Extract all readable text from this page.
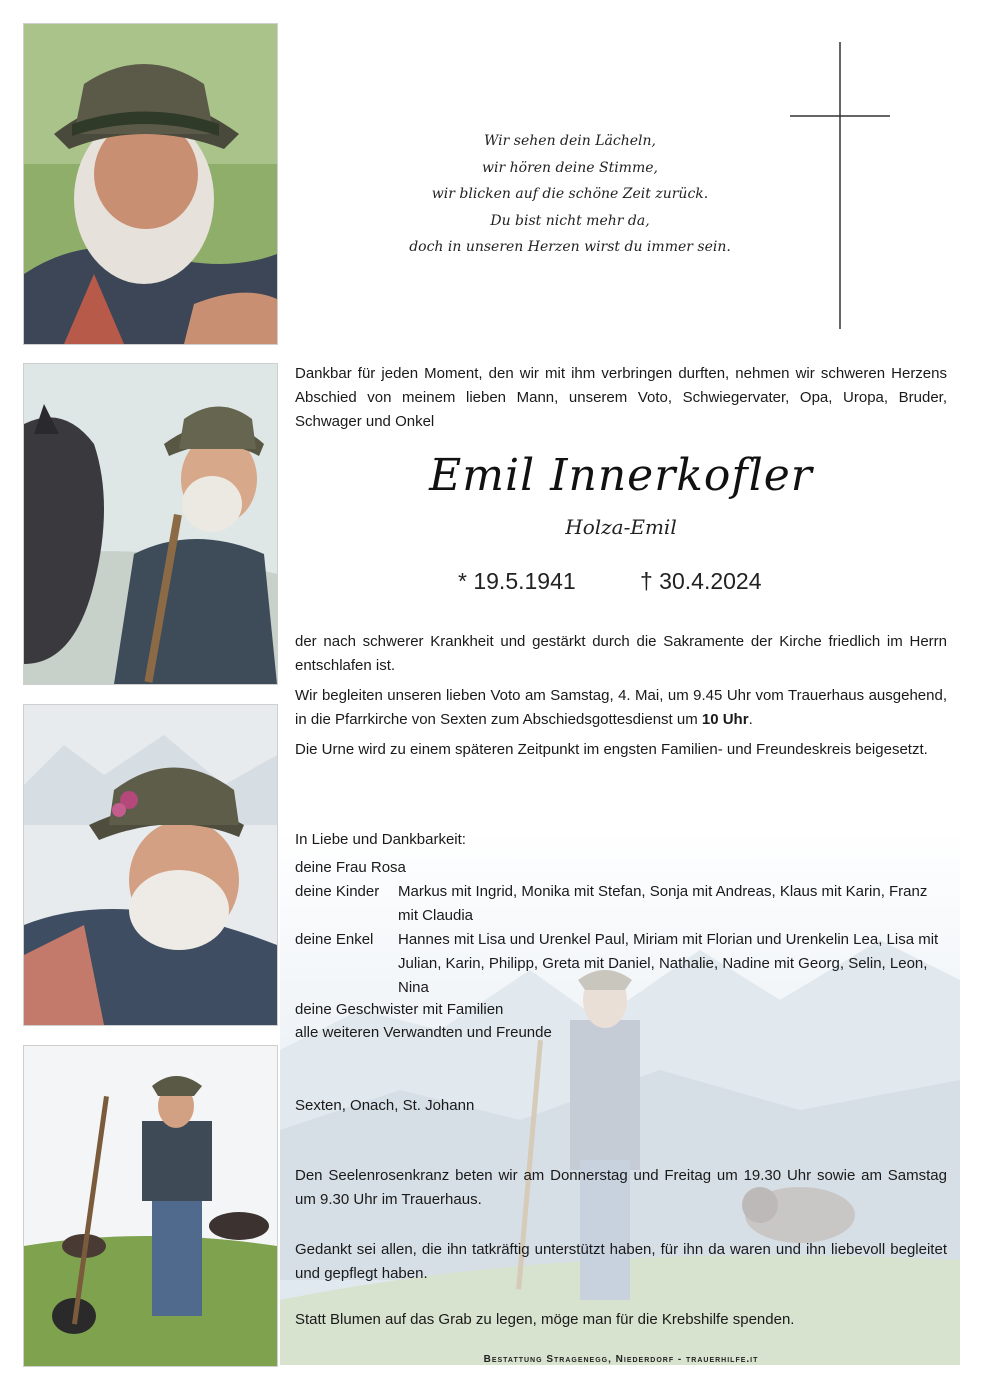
Wir sehen dein Lächeln,
wir hören deine Stimme,
wir blicken auf die schöne Zeit zurück.
Du bist nicht mehr da,
doch in unseren Herzen wirst du immer sein.
Dankbar für jeden Moment, den wir mit ihm verbringen durften, nehmen wir schweren Herzens Abschied von meinem lieben Mann, unserem Voto, Schwiegervater, Opa, Uropa, Bruder, Schwager und Onkel
Emil Innerkofler
Holza-Emil
* 19.5.1941	† 30.4.2024
der nach schwerer Krankheit und gestärkt durch die Sakramente der Kirche friedlich im Herrn entschlafen ist.
Wir begleiten unseren lieben Voto am Samstag, 4. Mai, um 9.45 Uhr vom Trauerhaus ausgehend, in die Pfarrkirche von Sexten zum Abschiedsgottesdienst um 10 Uhr.
Die Urne wird zu einem späteren Zeitpunkt im engsten Familien- und Freundeskreis beigesetzt.
In Liebe und Dankbarkeit:
deine Frau Rosa
deine Kinder Markus mit Ingrid, Monika mit Stefan, Sonja mit Andreas, Klaus mit Karin, Franz mit Claudia
deine Enkel Hannes mit Lisa und Urenkel Paul, Miriam mit Florian und Urenkelin Lea, Lisa mit Julian, Karin, Philipp, Greta mit Daniel, Nathalie, Nadine mit Georg, Selin, Leon, Nina
deine Geschwister mit Familien
alle weiteren Verwandten und Freunde
Sexten, Onach, St. Johann
Den Seelenrosenkranz beten wir am Donnerstag und Freitag um 19.30 Uhr sowie am Samstag um 9.30 Uhr im Trauerhaus.
Gedankt sei allen, die ihn tatkräftig unterstützt haben, für ihn da waren und ihn liebevoll begleitet und gepflegt haben.
Statt Blumen auf das Grab zu legen, möge man für die Krebshilfe spenden.
Bestattung Stragenegg, Niederdorf - trauerhilfe.it
